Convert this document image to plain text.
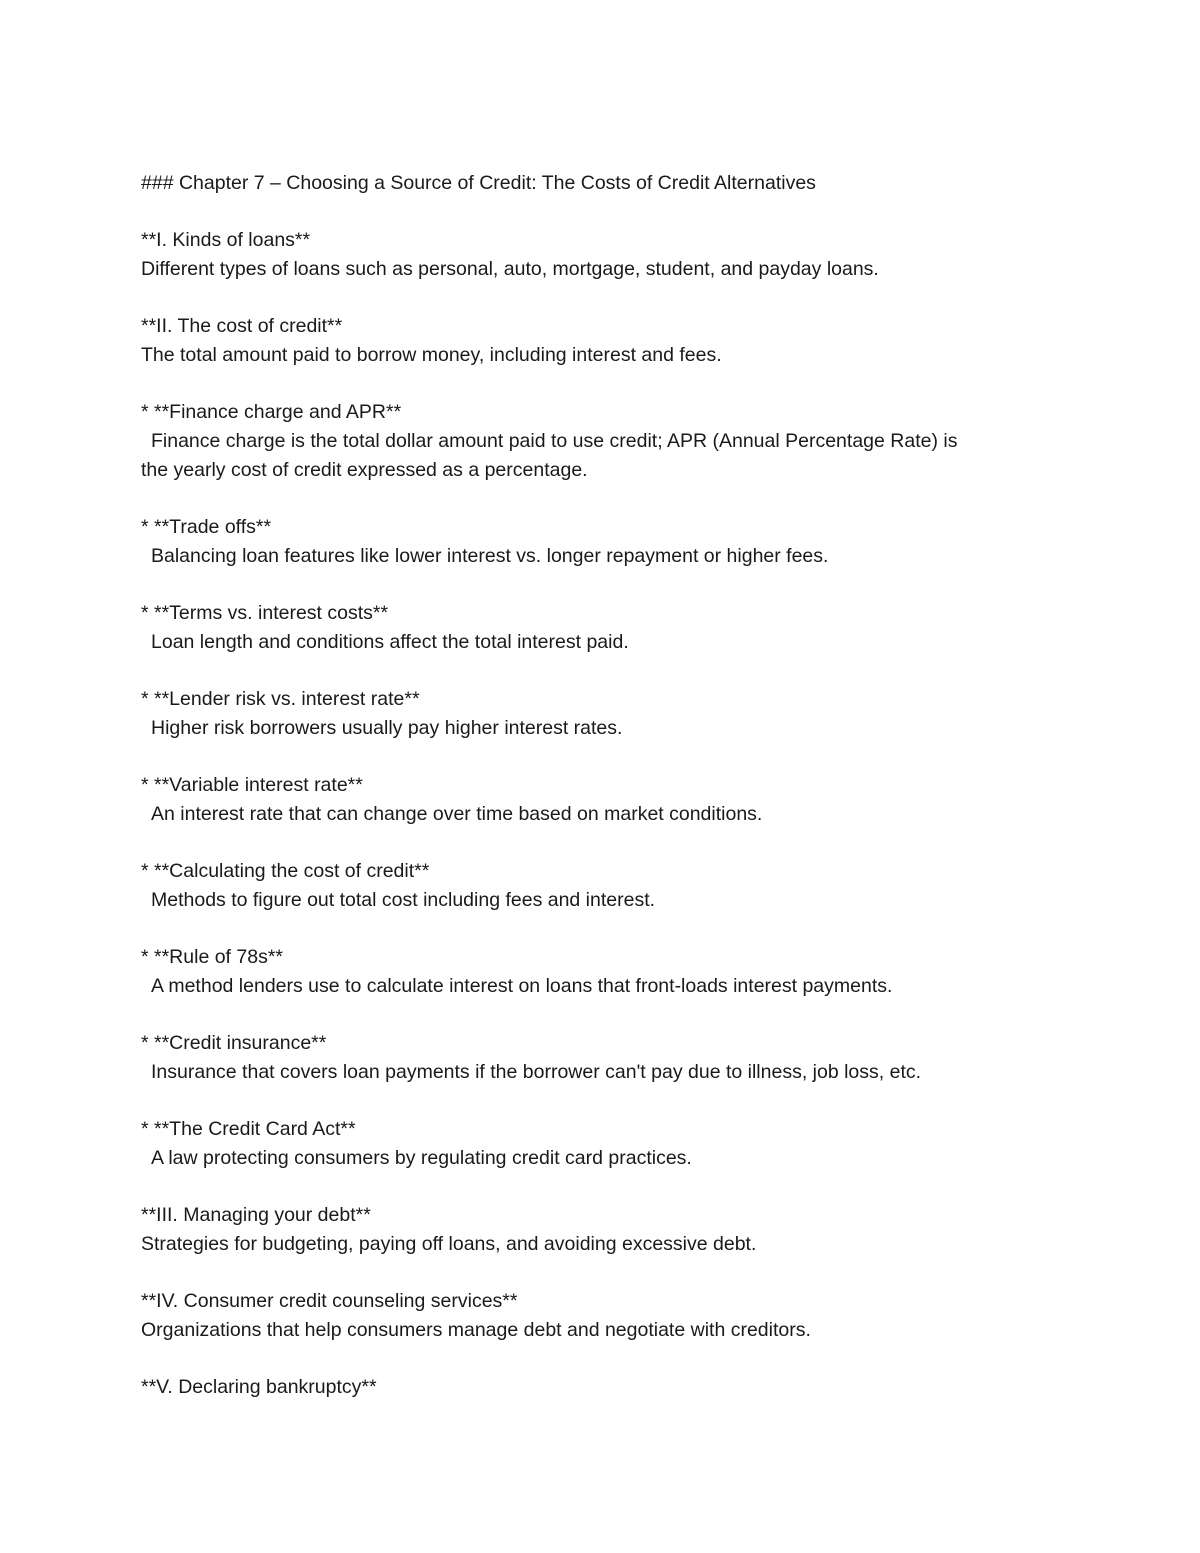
### Chapter 7 – Choosing a Source of Credit: The Costs of Credit Alternatives

**I. Kinds of loans**

Different types of loans such as personal, auto, mortgage, student, and payday loans.

**II. The cost of credit**

The total amount paid to borrow money, including interest and fees.

* **Finance charge and APR**

Finance charge is the total dollar amount paid to use credit; APR (Annual Percentage Rate) is

the yearly cost of credit expressed as a percentage.

* **Trade offs**

Balancing loan features like lower interest vs. longer repayment or higher fees.

* **Terms vs. interest costs**

Loan length and conditions affect the total interest paid.

* **Lender risk vs. interest rate**

Higher risk borrowers usually pay higher interest rates.

* **Variable interest rate**

An interest rate that can change over time based on market conditions.

* **Calculating the cost of credit**

Methods to figure out total cost including fees and interest.

* **Rule of 78s**

A method lenders use to calculate interest on loans that front-loads interest payments.

* **Credit insurance**

Insurance that covers loan payments if the borrower can't pay due to illness, job loss, etc.

* **The Credit Card Act**

A law protecting consumers by regulating credit card practices.

**III. Managing your debt**

Strategies for budgeting, paying off loans, and avoiding excessive debt.

**IV. Consumer credit counseling services**

Organizations that help consumers manage debt and negotiate with creditors.

**V. Declaring bankruptcy**
